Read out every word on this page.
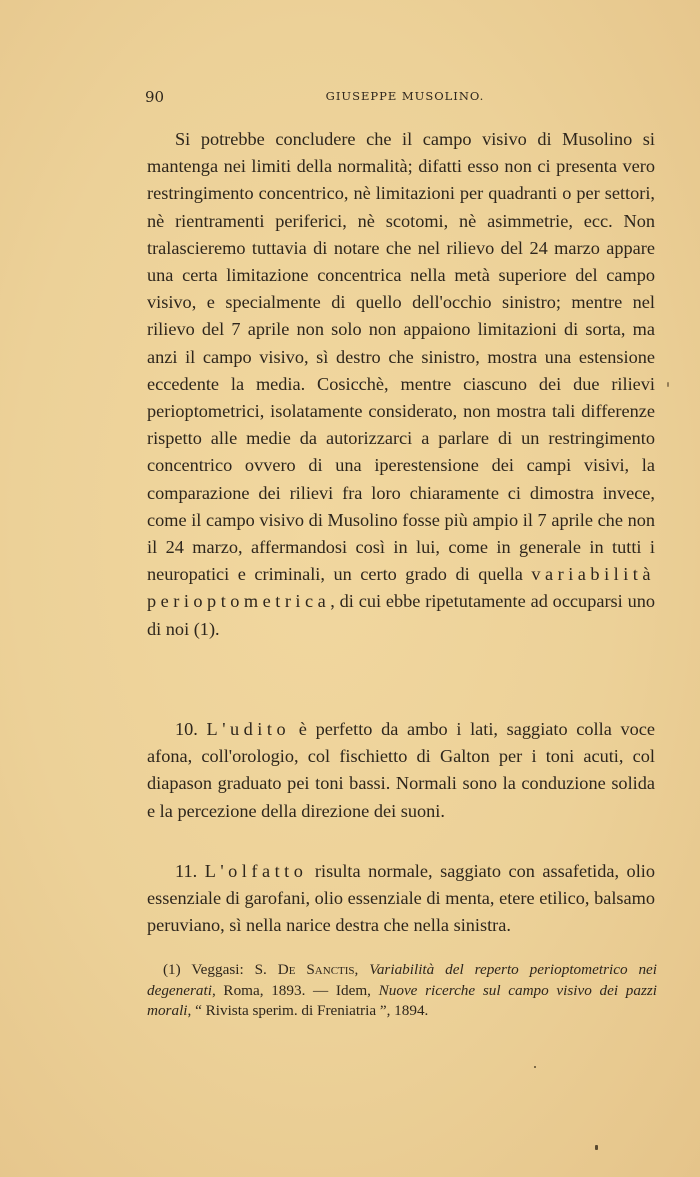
90	GIUSEPPE MUSOLINO.

Si potrebbe concludere che il campo visivo di Musolino si mantenga nei limiti della normalità; difatti esso non ci presenta vero restringimento concentrico, nè limitazioni per quadranti o per settori, nè rientramenti periferici, nè scotomi, nè asimmetrie, ecc. Non tralascieremo tuttavia di notare che nel rilievo del 24 marzo appare una certa limitazione concentrica nella metà superiore del campo visivo, e specialmente di quello dell'occhio sinistro; mentre nel rilievo del 7 aprile non solo non appaiono limitazioni di sorta, ma anzi il campo visivo, sì destro che sinistro, mostra una estensione eccedente la media. Cosicchè, mentre ciascuno dei due rilievi perioptometrici, isolatamente considerato, non mostra tali differenze rispetto alle medie da autorizzarci a parlare di un restringimento concentrico ovvero di una iperestensione dei campi visivi, la comparazione dei rilievi fra loro chiaramente ci dimostra invece, come il campo visivo di Musolino fosse più ampio il 7 aprile che non il 24 marzo, affermandosi così in lui, come in generale in tutti i neuropatici e criminali, un certo grado di quella variabilità perioptometrica, di cui ebbe ripetutamente ad occuparsi uno di noi (1).

10. L'udito è perfetto da ambo i lati, saggiato colla voce afona, coll'orologio, col fischietto di Galton per i toni acuti, col diapason graduato pei toni bassi. Normali sono la conduzione solida e la percezione della direzione dei suoni.

11. L'olfatto risulta normale, saggiato con assafetida, olio essenziale di garofani, olio essenziale di menta, etere etilico, balsamo peruviano, sì nella narice destra che nella sinistra.

(1) Veggasi: S. De Sanctis, Variabilità del reperto perioptometrico nei degenerati, Roma, 1893. — Idem, Nuove ricerche sul campo visivo dei pazzi morali, “ Rivista sperim. di Freniatria ”, 1894.
